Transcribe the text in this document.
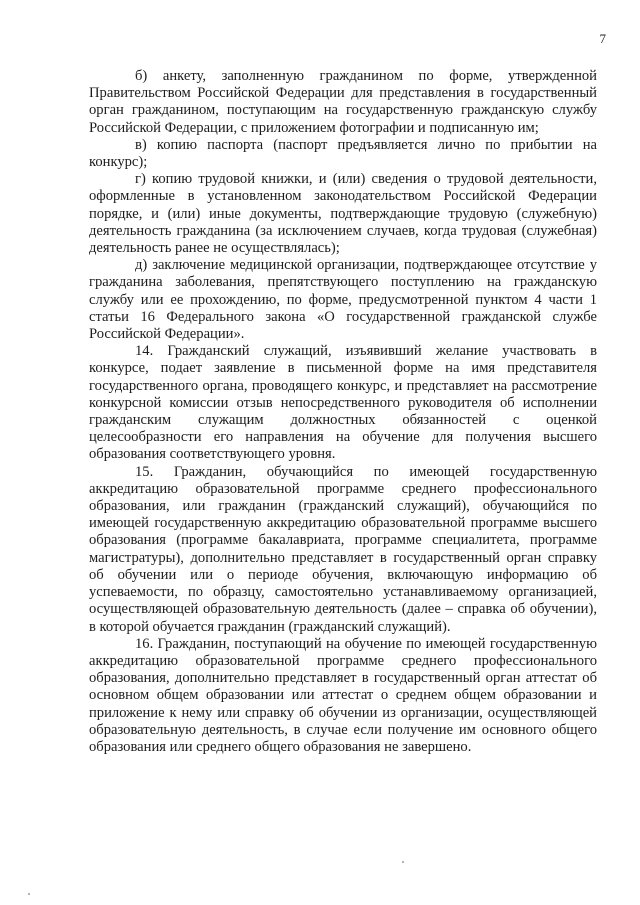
7

б) анкету, заполненную гражданином по форме, утвержденной Правительством Российской Федерации для представления в государственный орган гражданином, поступающим на государственную гражданскую службу Российской Федерации, с приложением фотографии и подписанную им;

в) копию паспорта (паспорт предъявляется лично по прибытии на конкурс);

г) копию трудовой книжки, и (или) сведения о трудовой деятельности, оформленные в установленном законодательством Российской Федерации порядке, и (или) иные документы, подтверждающие трудовую (служебную) деятельность гражданина (за исключением случаев, когда трудовая (служебная) деятельность ранее не осуществлялась);

д) заключение медицинской организации, подтверждающее отсутствие у гражданина заболевания, препятствующего поступлению на гражданскую службу или ее прохождению, по форме, предусмотренной пунктом 4 части 1 статьи 16 Федерального закона «О государственной гражданской службе Российской Федерации».

14. Гражданский служащий, изъявивший желание участвовать в конкурсе, подает заявление в письменной форме на имя представителя государственного органа, проводящего конкурс, и представляет на рассмотрение конкурсной комиссии отзыв непосредственного руководителя об исполнении гражданским служащим должностных обязанностей с оценкой целесообразности его направления на обучение для получения высшего образования соответствующего уровня.

15. Гражданин, обучающийся по имеющей государственную аккредитацию образовательной программе среднего профессионального образования, или гражданин (гражданский служащий), обучающийся по имеющей государственную аккредитацию образовательной программе высшего образования (программе бакалавриата, программе специалитета, программе магистратуры), дополнительно представляет в государственный орган справку об обучении или о периоде обучения, включающую информацию об успеваемости, по образцу, самостоятельно устанавливаемому организацией, осуществляющей образовательную деятельность (далее – справка об обучении), в которой обучается гражданин (гражданский служащий).

16. Гражданин, поступающий на обучение по имеющей государственную аккредитацию образовательной программе среднего профессионального образования, дополнительно представляет в государственный орган аттестат об основном общем образовании или аттестат о среднем общем образовании и приложение к нему или справку об обучении из организации, осуществляющей образовательную деятельность, в случае если получение им основного общего образования или среднего общего образования не завершено.
